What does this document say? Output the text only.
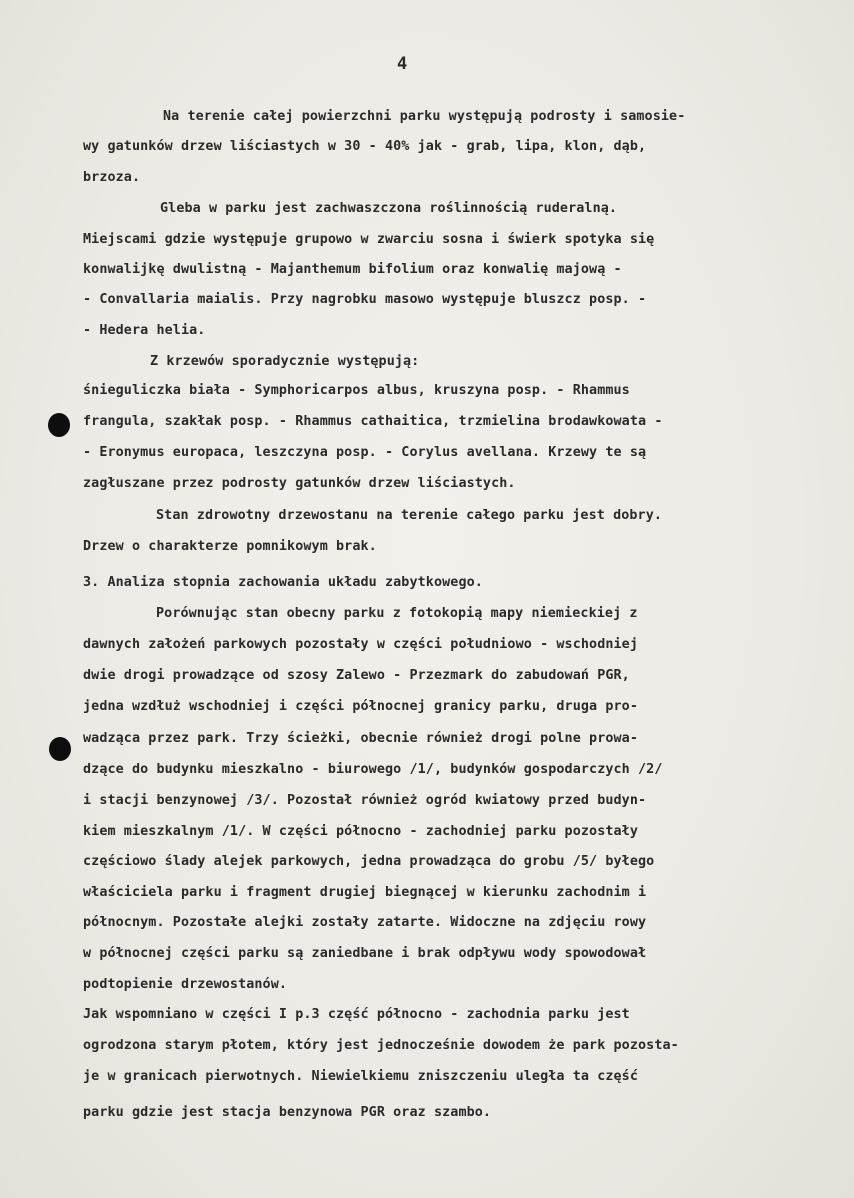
4
Na terenie całej powierzchni parku występują podrosty i samosie-
wy gatunków drzew liściastych w 30 - 40% jak - grab, lipa, klon, dąb,
brzoza.
Gleba w parku jest zachwaszczona roślinnością ruderalną.
Miejscami gdzie występuje grupowo w zwarciu sosna i świerk spotyka się
konwalijkę dwulistną - Majanthemum bifolium oraz konwalię majową -
- Convallaria maialis. Przy nagrobku masowo występuje bluszcz posp. -
- Hedera helia.
Z krzewów sporadycznie występują:
śnieguliczka biała - Symphoricarpos albus, kruszyna posp. - Rhammus
frangula, szakłak posp. - Rhammus cathaitica, trzmielina brodawkowata -
- Eronymus europaca, leszczyna posp. - Corylus avellana. Krzewy te są
zagłuszane przez podrosty gatunków drzew liściastych.
Stan zdrowotny drzewostanu na terenie całego parku jest dobry.
Drzew o charakterze pomnikowym brak.
3. Analiza stopnia zachowania układu zabytkowego.
Porównując stan obecny parku z fotokopią mapy niemieckiej z
dawnych założeń parkowych pozostały w części południowo - wschodniej
dwie drogi prowadzące od szosy Zalewo - Przezmark do zabudowań PGR,
jedna wzdłuż wschodniej i części północnej granicy parku, druga pro-
wadząca przez park. Trzy ścieżki, obecnie również drogi polne prowa-
dzące do budynku mieszkalno - biurowego /1/, budynków gospodarczych /2/
i stacji benzynowej /3/. Pozostał również ogród kwiatowy przed budyn-
kiem mieszkalnym /1/. W części północno - zachodniej parku pozostały
częściowo ślady alejek parkowych, jedna prowadząca do grobu /5/ byłego
właściciela parku i fragment drugiej biegnącej w kierunku zachodnim i
północnym. Pozostałe alejki zostały zatarte. Widoczne na zdjęciu rowy
w północnej części parku są zaniedbane i brak odpływu wody spowodował
podtopienie drzewostanów.
Jak wspomniano w części I p.3 część północno - zachodnia parku jest
ogrodzona starym płotem, który jest jednocześnie dowodem że park pozosta-
je w granicach pierwotnych. Niewielkiemu zniszczeniu uległa ta część
parku gdzie jest stacja benzynowa PGR oraz szambo.
